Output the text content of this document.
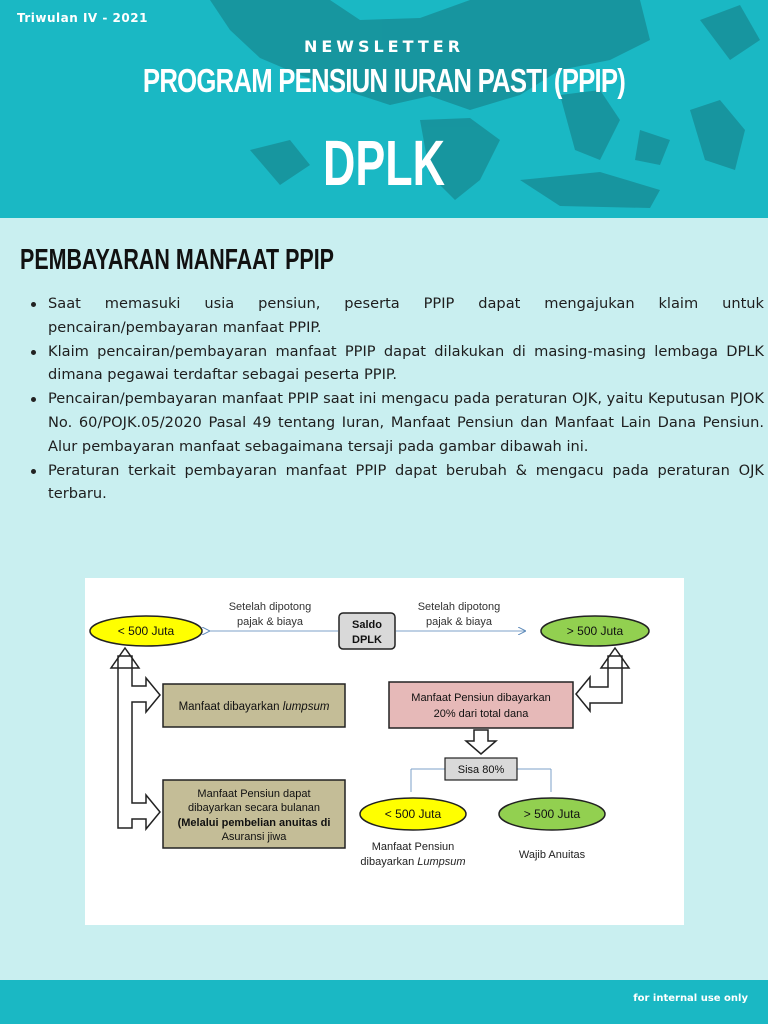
Triwulan IV - 2021
NEWSLETTER
PROGRAM PENSIUN IURAN PASTI (PPIP)
DPLK
PEMBAYARAN MANFAAT PPIP
Saat memasuki usia pensiun, peserta PPIP dapat mengajukan klaim untuk pencairan/pembayaran manfaat PPIP.
Klaim pencairan/pembayaran manfaat PPIP dapat dilakukan di masing-masing lembaga DPLK dimana pegawai terdaftar sebagai peserta PPIP.
Pencairan/pembayaran manfaat PPIP saat ini mengacu pada peraturan OJK, yaitu Keputusan PJOK No. 60/POJK.05/2020 Pasal 49 tentang Iuran, Manfaat Pensiun dan Manfaat Lain Dana Pensiun. Alur pembayaran manfaat sebagaimana tersaji pada gambar dibawah ini.
Peraturan terkait pembayaran manfaat PPIP dapat berubah & mengacu pada peraturan OJK terbaru.
Saldo
DPLK
Setelah dipotong
pajak & biaya
Setelah dipotong
pajak & biaya
< 500 Juta	> 500 Juta
Manfaat dibayarkan lumpsum
Manfaat Pensiun dapat
dibayarkan secara bulanan
(Melalui pembelian anuitas di
Asuransi jiwa
Manfaat Pensiun dibayarkan
20% dari total dana
Sisa 80%
< 500 Juta	> 500 Juta
Manfaat Pensiun
dibayarkan Lumpsum
Wajib Anuitas
for internal use only
